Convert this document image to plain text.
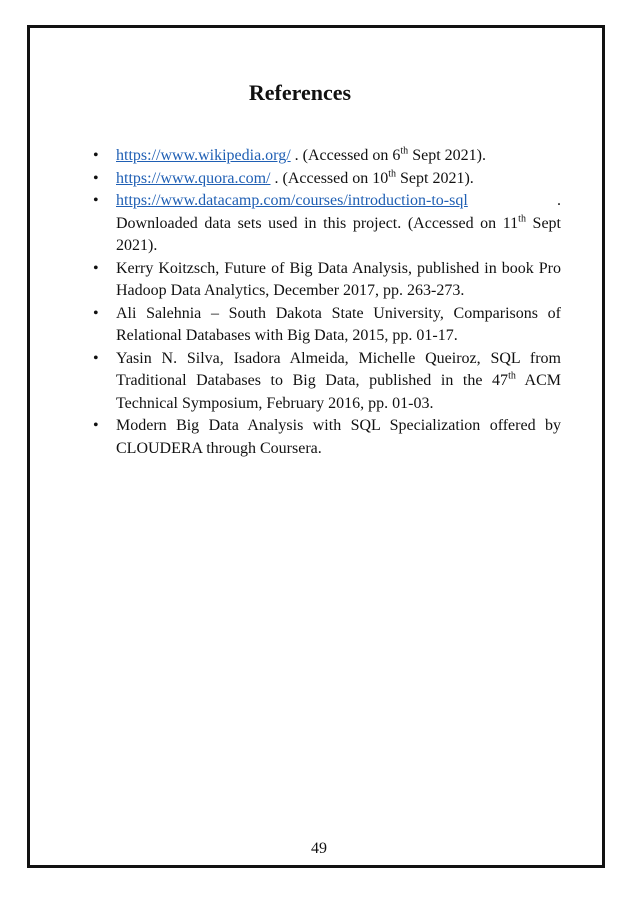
References
• https://www.wikipedia.org/ . (Accessed on 6th Sept 2021).
• https://www.quora.com/ . (Accessed on 10th Sept 2021).
• https://www.datacamp.com/courses/introduction-to-sql	. Downloaded data sets used in this project. (Accessed on 11th Sept 2021).
• Kerry Koitzsch, Future of Big Data Analysis, published in book Pro Hadoop Data Analytics, December 2017, pp. 263-273.
• Ali Salehnia – South Dakota State University, Comparisons of Relational Databases with Big Data, 2015, pp. 01-17.
• Yasin N. Silva, Isadora Almeida, Michelle Queiroz, SQL from Traditional Databases to Big Data, published in the 47th ACM Technical Symposium, February 2016, pp. 01-03.
• Modern Big Data Analysis with SQL Specialization offered by CLOUDERA through Coursera.
49
